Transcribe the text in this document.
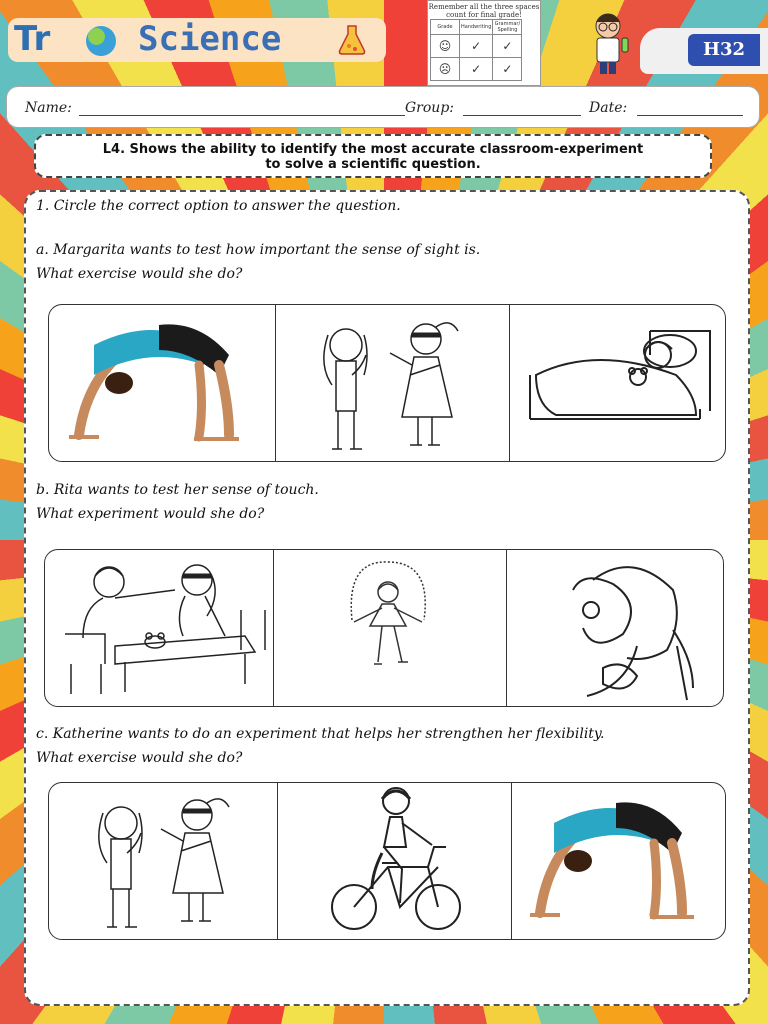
Tr	Science
Remember all the three spaces count for final grade!
Grade	Handwriting	Grammar/ Spelling
☺	✓	✓
☹	✓	✓
H32
Name:	Group:	Date:
L4. Shows the ability to identify the most accurate classroom-experiment
to solve a scientific question.
1. Circle the correct option to answer the question.
a. Margarita wants to test how important the sense of sight is.
What exercise would she do?
b. Rita wants to test her sense of touch.
What experiment would she do?
c. Katherine wants to do an experiment that helps her strengthen her flexibility.
What exercise would she do?
